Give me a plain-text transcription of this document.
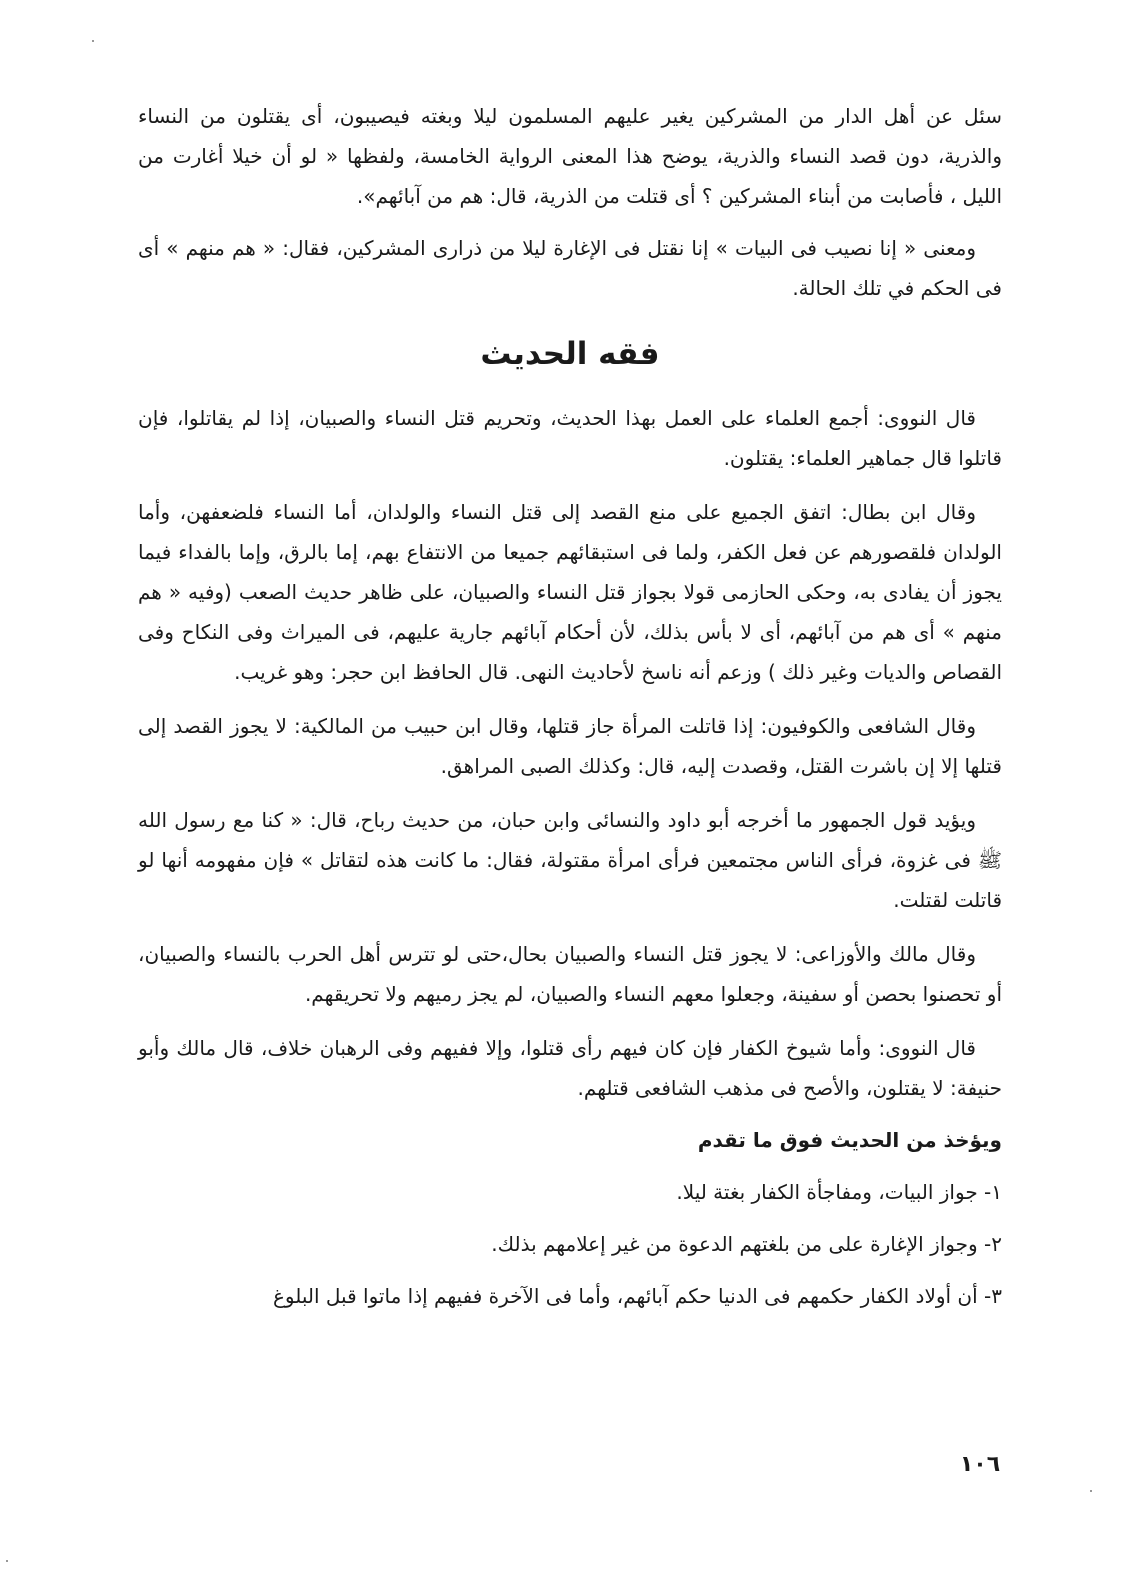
سئل عن أهل الدار من المشركين يغير عليهم المسلمون ليلا وبغته فيصيبون، أى يقتلون من النساء والذرية، دون قصد النساء والذرية، يوضح هذا المعنى الرواية الخامسة، ولفظها « لو أن خيلا أغارت من الليل ، فأصابت من أبناء المشركين ؟ أى قتلت من الذرية، قال: هم من آبائهم».

ومعنى « إنا نصيب فى البيات » إنا نقتل فى الإغارة ليلا من ذرارى المشركين، فقال: « هم منهم » أى فى الحكم في تلك الحالة.

فقه الحديث

قال النووى: أجمع العلماء على العمل بهذا الحديث، وتحريم قتل النساء والصبيان، إذا لم يقاتلوا، فإن قاتلوا قال جماهير العلماء: يقتلون.

وقال ابن بطال: اتفق الجميع على منع القصد إلى قتل النساء والولدان، أما النساء فلضعفهن، وأما الولدان فلقصورهم عن فعل الكفر، ولما فى استبقائهم جميعا من الانتفاع بهم، إما بالرق، وإما بالفداء فيما يجوز أن يفادى به، وحكى الحازمى قولا بجواز قتل النساء والصبيان، على ظاهر حديث الصعب (وفيه « هم منهم » أى هم من آبائهم، أى لا بأس بذلك، لأن أحكام آبائهم جارية عليهم، فى الميراث وفى النكاح وفى القصاص والديات وغير ذلك ) وزعم أنه ناسخ لأحاديث النهى. قال الحافظ ابن حجر: وهو غريب.

وقال الشافعى والكوفيون: إذا قاتلت المرأة جاز قتلها، وقال ابن حبيب من المالكية: لا يجوز القصد إلى قتلها إلا إن باشرت القتل، وقصدت إليه، قال: وكذلك الصبى المراهق.

ويؤيد قول الجمهور ما أخرجه أبو داود والنسائى وابن حبان، من حديث رباح، قال: « كنا مع رسول الله ﷺ فى غزوة، فرأى الناس مجتمعين فرأى امرأة مقتولة، فقال: ما كانت هذه لتقاتل » فإن مفهومه أنها لو قاتلت لقتلت.

وقال مالك والأوزاعى: لا يجوز قتل النساء والصبيان بحال،حتى لو تترس أهل الحرب بالنساء والصبيان، أو تحصنوا بحصن أو سفينة، وجعلوا معهم النساء والصبيان، لم يجز رميهم ولا تحريقهم.

قال النووى: وأما شيوخ الكفار فإن كان فيهم رأى قتلوا، وإلا ففيهم وفى الرهبان خلاف، قال مالك وأبو حنيفة: لا يقتلون، والأصح فى مذهب الشافعى قتلهم.

ويؤخذ من الحديث فوق ما تقدم

١- جواز البيات، ومفاجأة الكفار بغتة ليلا.

٢- وجواز الإغارة على من بلغتهم الدعوة من غير إعلامهم بذلك.

٣- أن أولاد الكفار حكمهم فى الدنيا حكم آبائهم، وأما فى الآخرة ففيهم إذا ماتوا قبل البلوغ

١٠٦
